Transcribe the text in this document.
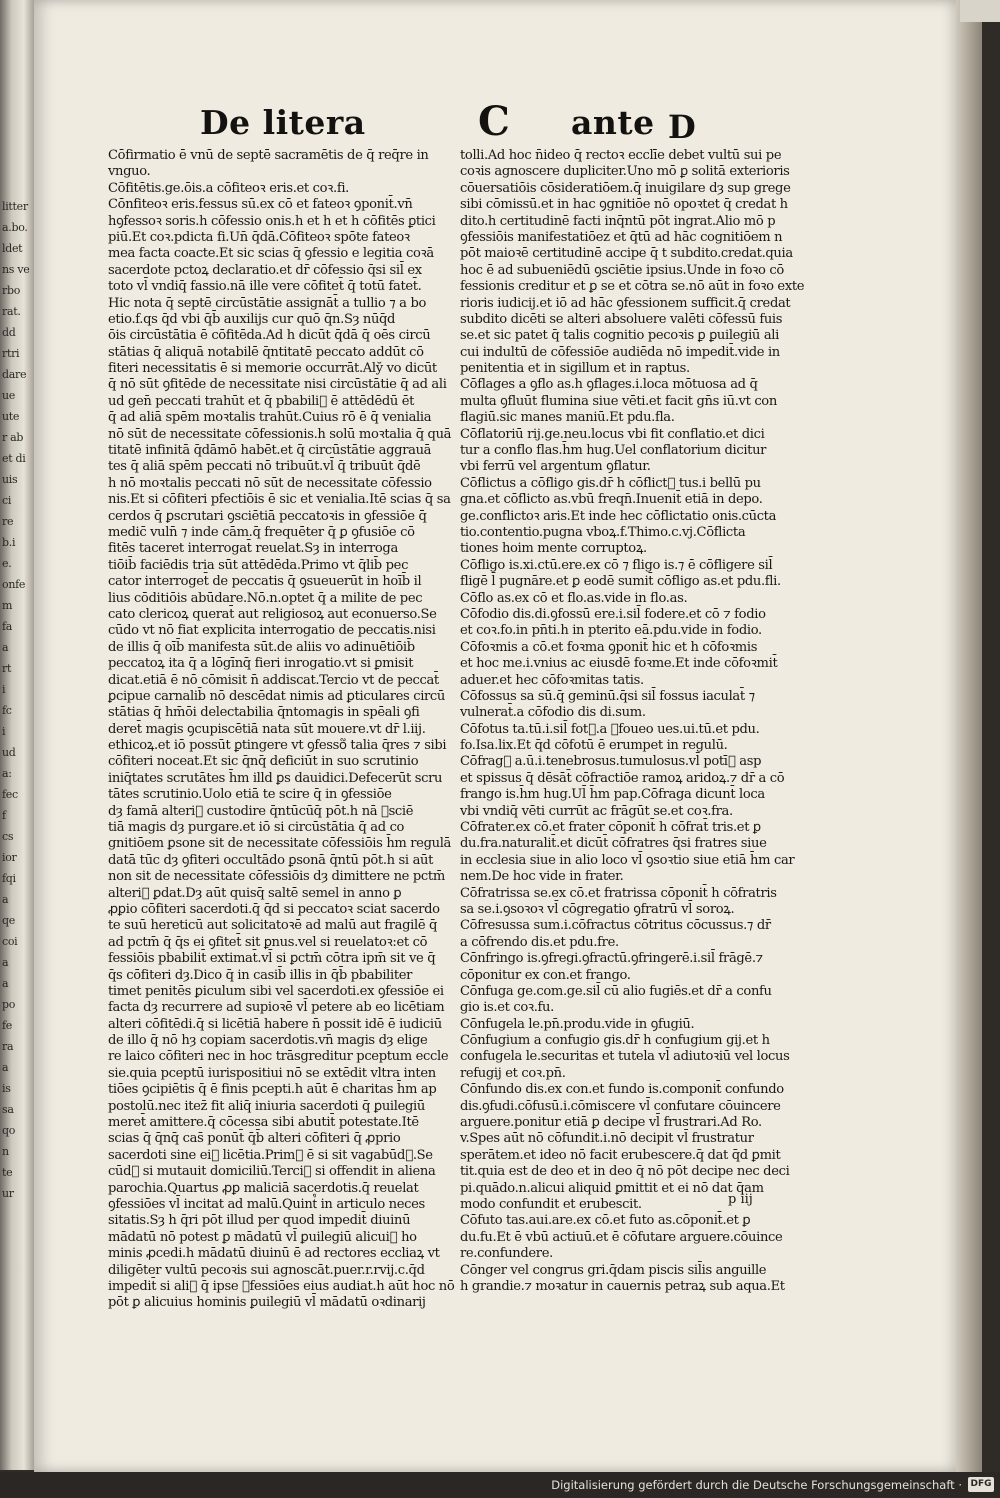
litter
a.bo.
ldet
ns ve
rbo
rat.
dd
rtri
dare
ue
ute
r ab
et di
uis
ci
re
b.i
e.
onfe
m
fa
a
rt
i
fc
i
ud
a:
fec
f
cs
ior
fqi
a
qe
coi
a
a
po
fe
ra
a
is
sa
qo
n
te
ur
De litera	C ante D
Cōfirmatio ē vnū de septē sacramētis de q̄ req̄re in
vnguo.
Cōfitētis.ge.ōis.a cōfiteoꝛ eris.et coꝛ.fi.
Cōnfiteoꝛ eris.fessus sū.ex cō et fateoꝛ ꝯponit̄.vn̄
hꝯfessoꝛ soris.h cōfessio onis.h et h et h cōfitēs ꝑtici
piū.Et coꝛ.pdicta fi.Un̄ q̄dā.Cōfiteoꝛ spōte fateoꝛ
mea facta coacte.Et sic scias q̄ ꝯfessio e legitia coꝛā
sacerdote pctoꝝ declaratio.et dr̄ cōfessio q̄si sil̄ ex
toto vl̄ vndiq̄ fassio.nā ille vere cōfitet̄ q̄ totū fatet̄.
Hic nota q̄ septē circūstātie assignāt̄ a tullio ⁊ a bo
etio.f.qs q̄d vbi q̄b̄ auxilijs cur quō q̄n.Sȝ nūq̄d
ōis circūstātia ē cōfitēda.Ad h dicūt q̄dā q̄ oēs circū
stātias q̄ aliquā notabilē q̄ntitatē peccato addūt cō
fiteri necessitatis ē si memorie occurrāt.Aly̆ vo dicūt
q̄ nō sūt ꝯfitēde de necessitate nisi circūstātie q̄ ad ali
ud gen̄ peccati trahūt et q̄ pbabili᷑ ē attēdēdū ēt
q̄ ad aliā spēm moꝛtalis trahūt.Cuius rō ē q̄ venialia
nō sūt de necessitate cōfessionis.h solū moꝛtalia q̄ quā
titatē infinitā q̄dāmō habēt.et q̄ circūstātie aggrauā
tes q̄ aliā spēm peccati nō tribuūt.vl̄ q̄ tribuūt q̄dē
h nō moꝛtalis peccati nō sūt de necessitate cōfessio
nis.Et si cōfiteri pfectiōis ē sic et venialia.Itē scias q̄ sa
cerdos q̄ ꝑscrutari ꝯsciētiā peccatoꝛis in ꝯfessiōe q̄̄
medic̄ vuln̄ ⁊ inde cām.q̄ frequēter q̄ ꝑ ꝯfusiōe cō
fitēs taceret interrogat̄ reuelat.Sȝ in interroga
tiōib̄ faciēdis tria sūt attēdēda.Primo vt q̄lib̄ pec
cator interroget̄ de peccatis q̄ ꝯsueuerūt in hoīb̄ il
lius cōditiōis abūdare.Nō.n.optet q̄ a milite de pec
cato clericoꝝ querat̄ aut religiosoꝝ aut econuerso.Se
cūdo vt nō fiat explicita interrogatio de peccatis.nisi
de illis q̄ oīb̄ manifesta sūt.de aliis vo adinuētiōib̄
peccatoꝝ ita q̄ a lōgīnq̄ fieri inrogatio.vt si ꝑmisit
dicat.etiā ē nō cōmisit n̄ addiscat.Tercio vt de peccat̄
ꝑcipue carnalib̄ nō descēdat nimis ad ꝑticulares circū
stātias q̄ hm̄ōi delectabilia q̄ntomagis in spēali ꝯfi
deret̄ magis ꝯcupiscētiā nata sūt mouere.vt dr̄ l.iij.
ethicoꝝ.et iō possūt ꝑtingere vt ꝯfesso᷑ talia q̄res ⁊ sibi
cōfiteri noceat.Et sic q̄nq̄ deficiūt in suo scrutinio
iniq̄tates scrutātes h̄m illd ꝑs dauidici.Defecerūt scru
tātes scrutinio.Uolo etiā te scire q̄ in ꝯfessiōe
dȝ famā alteri᷑ custodire q̄ntūcūq̄ pōt.h nā ꝯsciē
tiā magis dȝ purgare.et iō si circūstātia q̄ ad co
gnitiōem ꝑsone sit de necessitate cōfessiōis h̄m regulā
datā tūc dȝ ꝯfiteri occultādo ꝑsonā q̄ntū pōt.h si aūt
non sit de necessitate cōfessiōis dȝ dimittere ne pctm̄
alteri᷑ ꝑdat.Dȝ aūt quisq̄ saltē semel in anno ꝑ
ꝓꝑio cōfiteri sacerdoti.q̄ q̄d si peccatoꝛ sciat sacerdo
te suū hereticū aut solicitatoꝛē ad malū aut fragilē q̄
ad pctm̄ q̄ q̄s ei ꝯfitet̄ sit ꝑnus.vel si reuelatoꝛ:et cō
fessiōis pbabilit̄ extimat̄.vl̄ si ꝑctm̄ cōtra ipm̄ sit ve q̄
q̄s cōfiteri dȝ.Dico q̄ in casib̄ illis in q̄b̄ pbabiliter
timet penitēs ꝑiculum sibi vel sacerdoti.ex ꝯfessiōe ei
facta dȝ recurrere ad supioꝛē vl̄ petere ab eo licētiam
alteri cōfitēdi.q̄ si licētiā habere n̄ possit idē ē iudiciū
de illo q̄ nō hȝ copiam sacerdotis.vn̄ magis dȝ elige
re laico cōfiteri nec in hoc trāsgreditur pceptum eccle
sie.quia pceptū iurispositiui nō se extēdit vltra inten
tiōes ꝯcipiētis q̄ ē finis pcepti.h aūt ē charitas h̄m ap
postolū.nec itez̄ fit aliq̄ iniuria sacerdoti q̄ ꝑuilegiū
meret̄ amittere.q̄ cōcessa sibi abutit̄ potestate.Itē
scias q̄ q̄nq̄ cas̄ ponūt̄ q̄b̄ alteri cōfiteri q̄ ꝓprio
sacerdoti sine ei᷑ licētia.Prim᷒ ē si sit vagabūd᷒.Se
cūd᷒ si mutauit domiciliū.Terci᷒ si offendit in aliena
parochia.Quartus ꝓꝑ maliciā sacerdotis.q̄ reuelat
ꝯfessiōes vl̄ incitat ad malū.Quint᷒ in articulo neces
sitatis.Sȝ h q̄ri pōt illud per quod impedit̄ diuinū
mādatū nō potest ꝑ mādatū vl̄ ꝑuilegiū alicui᷑ ho
minis ꝓcedi.h mādatū diuinū ē ad rectores eccliaꝝ vt
diligēter vultū pecoꝛis sui agnoscāt.puer.r.rvij.c.q̄d
impedit̄ si ali᷒ q̄ ipse ꝯfessiōes eius audiat.h aūt hoc nō
pōt ꝑ alicuius hominis ꝑuilegiū vl̄ mādatū oꝛdinarij
tolli.Ad hoc n̄ideo q̄ rectoꝛ ecclīe debet vultū sui pe
coꝛis agnoscere dupliciter.Uno mō ꝑ solitā exterioris
cōuersatiōis cōsideratiōem.q̄ inuigilare dȝ sup grege
sibi cōmissū.et in hac ꝯgnitiōe nō opoꝛtet q̄ credat h
dito.h certitudinē facti inq̄ntū pōt ingrat.Alio mō p
ꝯfessiōis manifestatiōez et q̄tū ad hāc cognitiōem n
pōt maioꝛē certitudinē accipe q̄ t subdito.credat.quia
hoc ē ad subueniēdū ꝯsciētie ipsius.Unde in foꝛo cō
fessionis creditur et ꝑ se et cōtra se.nō aūt in foꝛo exte
rioris iudicij.et iō ad hāc ꝯfessionem sufficit.q̄ credat
subdito dicēti se alteri absoluere valēti cōfessū fuis
se.et sic patet q̄ talis cognitio pecoꝛis ꝑ ꝑuilegiū ali
cui indultū de cōfessiōe audiēda nō impedit̄.vide in
penitentia et in sigillum et in raptus.
Cōflages a ꝯflo as.h ꝯflages.i.loca mōtuosa ad q̄
multa ꝯfluūt flumina siue vēti.et facit gn̄s iū.vt con
flagiū.sic manes maniū.Et pdu.fla.
Cōflatoriū rij.ge.neu.locus vbi fit conflatio.et dici
tur a conflo flas.h̄m hug.Uel conflatorium dicitur
vbi ferrū vel argentum ꝯflatur.
Cōflictus a cōfligo gis.dr̄ h cōflict᷒ tus.i bellū pu
gna.et cōflicto as.vbū freqn̄.Inuenit̄ etiā in depo.
ge.conflictoꝛ aris.Et inde hec cōflictatio onis.cūcta
tio.contentio.pugna vboꝝ.f.Thimo.c.vj.Cōflicta
tiones hoim mente corruptoꝝ.
Cōfligo is.xi.ctū.ere.ex cō ⁊ fligo is.⁊ ē cōfligere sil̄
fligē l̄ pugnāre.et ꝑ eodē sumit̄ cōfligo as.et pdu.fli.
Cōflo as.ex cō et flo.as.vide in flo.as.
Cōfodio dis.di.ꝯfossū ere.i.sil̄ fodere.et cō ⁊ fodio
et coꝛ.fo.in pn̄ti.h in pterito eā.pdu.vide in fodio.
Cōfoꝛmis a cō.et foꝛma ꝯponit̄ hic et h cōfoꝛmis
et hoc me.i.vnius ac eiusdē foꝛme.Et inde cōfoꝛmit̄
aduer.et hec cōfoꝛmitas tatis.
Cōfossus sa sū.q̄ geminū.q̄si sil̄ fossus iaculat̄ ⁊
vulnerat̄.a cōfodio dis di.sum.
Cōfotus ta.tū.i.sil̄ fot᷒.a ꝯfoueo ues.ui.tū.et pdu.
fo.Isa.lix.Et q̄d cōfotū ē erumpet in regulū.
Cōfrag᷒ a.ū.i.tenebrosus.tumulosus.vl̄ potī᷒ asp
et spissus q̄ dēsāt̄ cōfractiōe ramoꝝ aridoꝝ.⁊ dr̄ a cō
frango is.h̄m hug.Ul̄ h̄m pap.Cōfraga dicunt̄ loca
vbi vndiq̄ vēti currūt ac frāgūt se.et coꝛ.fra.
Cōfrater.ex cō.et frater cōponit̄ h cōfrat̄ tris.et ꝑ
du.fra.naturalit̄.et dicūt̄ cōfratres q̄si fratres siue
in ecclesia siue in alio loco vl̄ ꝯsoꝛtio siue etiā h̄m car
nem.De hoc vide in frater.
Cōfratrissa se.ex cō.et fratrissa cōponit̄ h cōfratris
sa se.i.ꝯsoꝛoꝛ vl̄ cōgregatio ꝯfratrū vl̄ soroꝝ.
Cōfresussa sum.i.cōfractus cōtritus cōcussus.⁊ dr̄
a cōfrendo dis.et pdu.fre.
Cōnfringo is.ꝯfregi.ꝯfractū.ꝯfringerē.i.sil̄ frāgē.⁊
cōponitur ex con.et frango.
Cōnfuga ge.com.ge.sil̄ cū alio fugiēs.et dr̄ a confu
gio is.et coꝛ.fu.
Cōnfugela le.pn̄.produ.vide in ꝯfugiū.
Cōnfugium a confugio gis.dr̄ h confugium gij.et h
confugela le.securitas et tutela vl̄ adiutoꝛiū vel locus
refugij et coꝛ.pn̄.
Cōnfundo dis.ex con.et fundo is.componit̄ confundo
dis.ꝯfudi.cōfusū.i.cōmiscere vl̄ confutare cōuincere
arguere.ponitur etiā ꝑ decipe vl̄ frustrari.Ad Ro.
v.Spes aūt nō cōfundit.i.nō decipit vl̄ frustratur
sperātem.et ideo nō facit erubescere.q̄ dat q̄d ꝑmit
tit.quia est de deo et in deo q̄ nō pōt decipe nec deci
pi.quādo.n.alicui aliquid ꝑmittit et ei nō dat q̄am
modo confundit et erubescit.
Cōfuto tas.aui.are.ex cō.et futo as.cōponit̄.et ꝑ
du.fu.Et ē vbū actiuū.et ē cōfutare arguere.cōuince
re.confundere.
Cōnger vel congrus gri.q̄dam piscis sil̄is anguille
h grandie.⁊ moꝛatur in cauernis petraꝝ sub aqua.Et
p iij
Digitalisierung gefördert durch die Deutsche Forschungsgemeinschaft · DFG
